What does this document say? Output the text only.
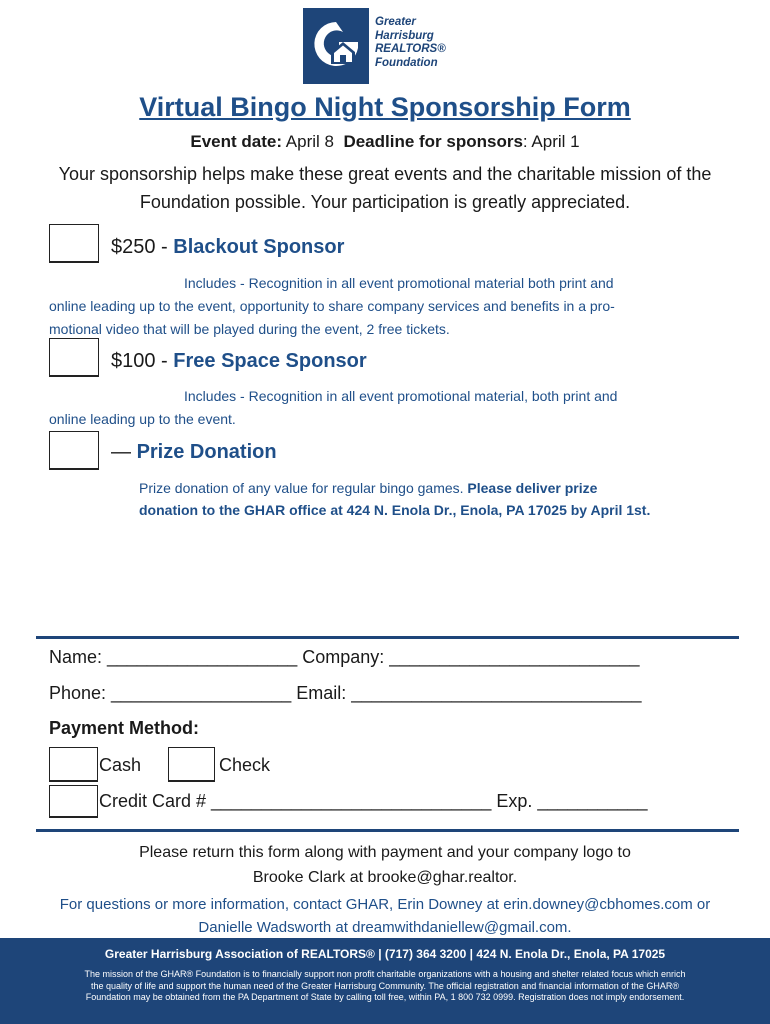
Greater
Harrisburg
REALTORS®
Foundation
Virtual Bingo Night Sponsorship Form
Event date: April 8 Deadline for sponsors: April 1
Your sponsorship helps make these great events and the charitable mission of the Foundation possible. Your participation is greatly appreciated.
$250 - Blackout Sponsor
Includes - Recognition in all event promotional material both print and
online leading up to the event, opportunity to share company services and benefits in a pro-
motional video that will be played during the event, 2 free tickets.
$100 - Free Space Sponsor
Includes - Recognition in all event promotional material, both print and
online leading up to the event.
— Prize Donation
Prize donation of any value for regular bingo games. Please deliver prize
donation to the GHAR office at 424 N. Enola Dr., Enola, PA 17025 by April 1st.
Name: ___________________ Company: _________________________
Phone: __________________ Email: _____________________________
Payment Method:
Cash	Check
Credit Card # ____________________________ Exp. ___________
Please return this form along with payment and your company logo to
Brooke Clark at brooke@ghar.realtor.
For questions or more information, contact GHAR, Erin Downey at erin.downey@cbhomes.com or
Danielle Wadsworth at dreamwithdaniellew@gmail.com.
Greater Harrisburg Association of REALTORS® | (717) 364 3200 | 424 N. Enola Dr., Enola, PA 17025
The mission of the GHAR® Foundation is to financially support non profit charitable organizations with a housing and shelter related focus which enrich
the quality of life and support the human need of the Greater Harrisburg Community. The official registration and financial information of the GHAR®
Foundation may be obtained from the PA Department of State by calling toll free, within PA, 1 800 732 0999. Registration does not imply endorsement.
